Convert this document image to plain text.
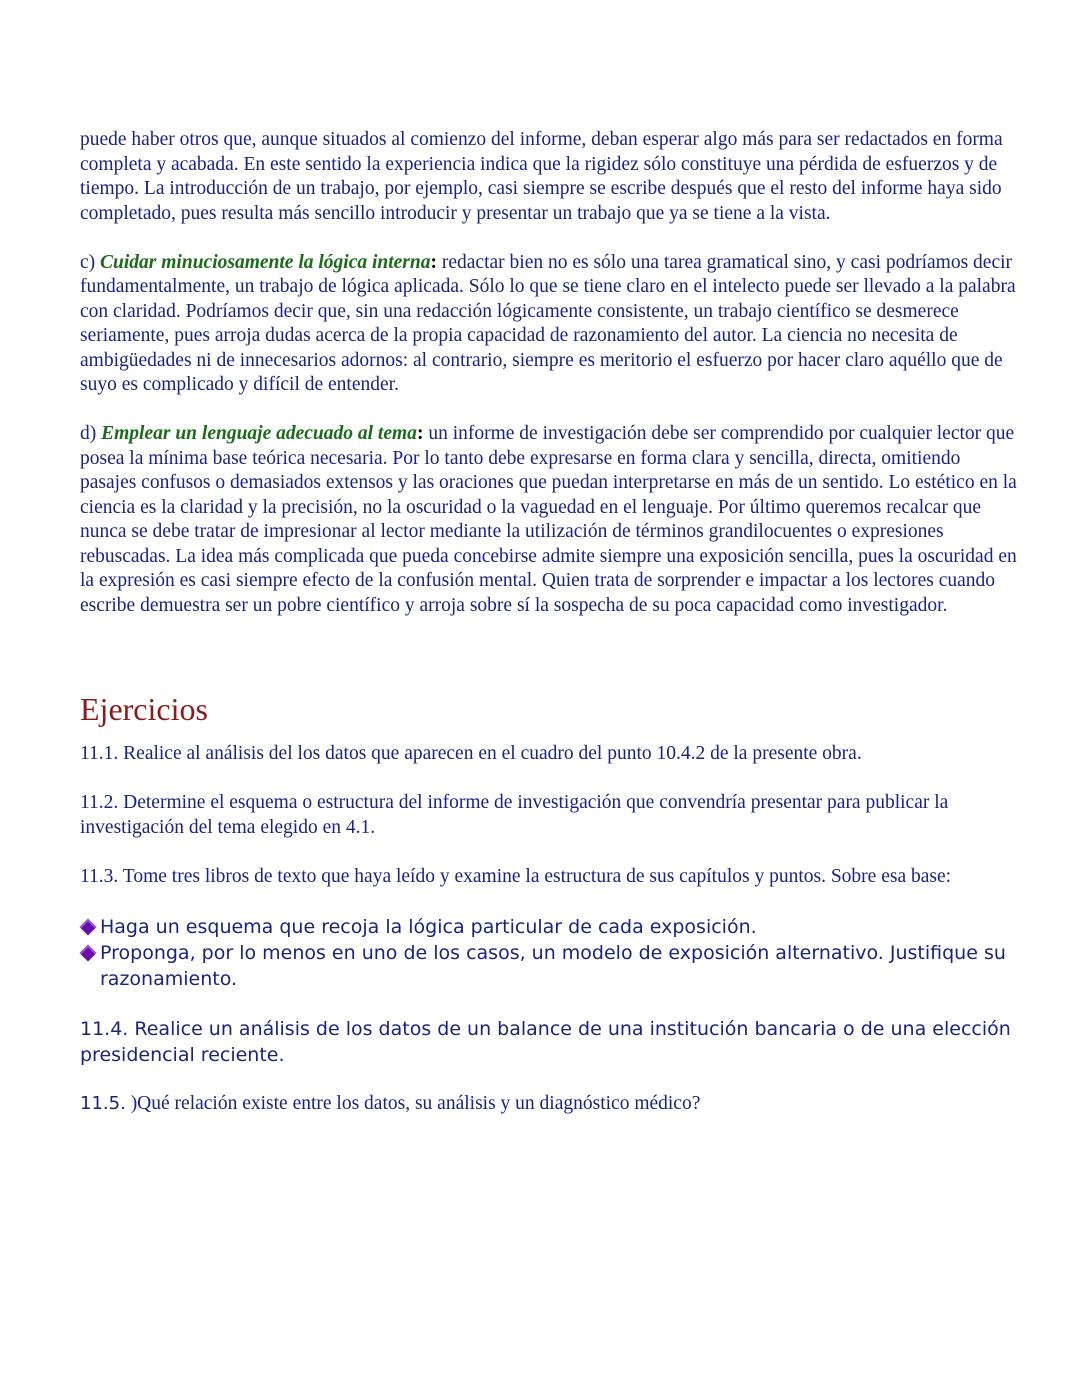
puede haber otros que, aunque situados al comienzo del informe, deban esperar algo más para ser redactados en forma completa y acabada. En este sentido la experiencia indica que la rigidez sólo constituye una pérdida de esfuerzos y de tiempo. La introducción de un trabajo, por ejemplo, casi siempre se escribe después que el resto del informe haya sido completado, pues resulta más sencillo introducir y presentar un trabajo que ya se tiene a la vista.

c) Cuidar minuciosamente la lógica interna: redactar bien no es sólo una tarea gramatical sino, y casi podríamos decir fundamentalmente, un trabajo de lógica aplicada. Sólo lo que se tiene claro en el intelecto puede ser llevado a la palabra con claridad. Podríamos decir que, sin una redacción lógicamente consistente, un trabajo científico se desmerece seriamente, pues arroja dudas acerca de la propia capacidad de razonamiento del autor. La ciencia no necesita de ambigüedades ni de innecesarios adornos: al contrario, siempre es meritorio el esfuerzo por hacer claro aquéllo que de suyo es complicado y difícil de entender.

d) Emplear un lenguaje adecuado al tema: un informe de investigación debe ser comprendido por cualquier lector que posea la mínima base teórica necesaria. Por lo tanto debe expresarse en forma clara y sencilla, directa, omitiendo pasajes confusos o demasiados extensos y las oraciones que puedan interpretarse en más de un sentido. Lo estético en la ciencia es la claridad y la precisión, no la oscuridad o la vaguedad en el lenguaje. Por último queremos recalcar que nunca se debe tratar de impresionar al lector mediante la utilización de términos grandilocuentes o expresiones rebuscadas. La idea más complicada que pueda concebirse admite siempre una exposición sencilla, pues la oscuridad en la expresión es casi siempre efecto de la confusión mental. Quien trata de sorprender e impactar a los lectores cuando escribe demuestra ser un pobre científico y arroja sobre sí la sospecha de su poca capacidad como investigador.

Ejercicios

11.1. Realice al análisis del los datos que aparecen en el cuadro del punto 10.4.2 de la presente obra.

11.2. Determine el esquema o estructura del informe de investigación que convendría presentar para publicar la investigación del tema elegido en 4.1.

11.3. Tome tres libros de texto que haya leído y examine la estructura de sus capítulos y puntos. Sobre esa base:

Haga un esquema que recoja la lógica particular de cada exposición.
Proponga, por lo menos en uno de los casos, un modelo de exposición alternativo. Justifique su razonamiento.

11.4. Realice un análisis de los datos de un balance de una institución bancaria o de una elección presidencial reciente.

11.5. )Qué relación existe entre los datos, su análisis y un diagnóstico médico?
